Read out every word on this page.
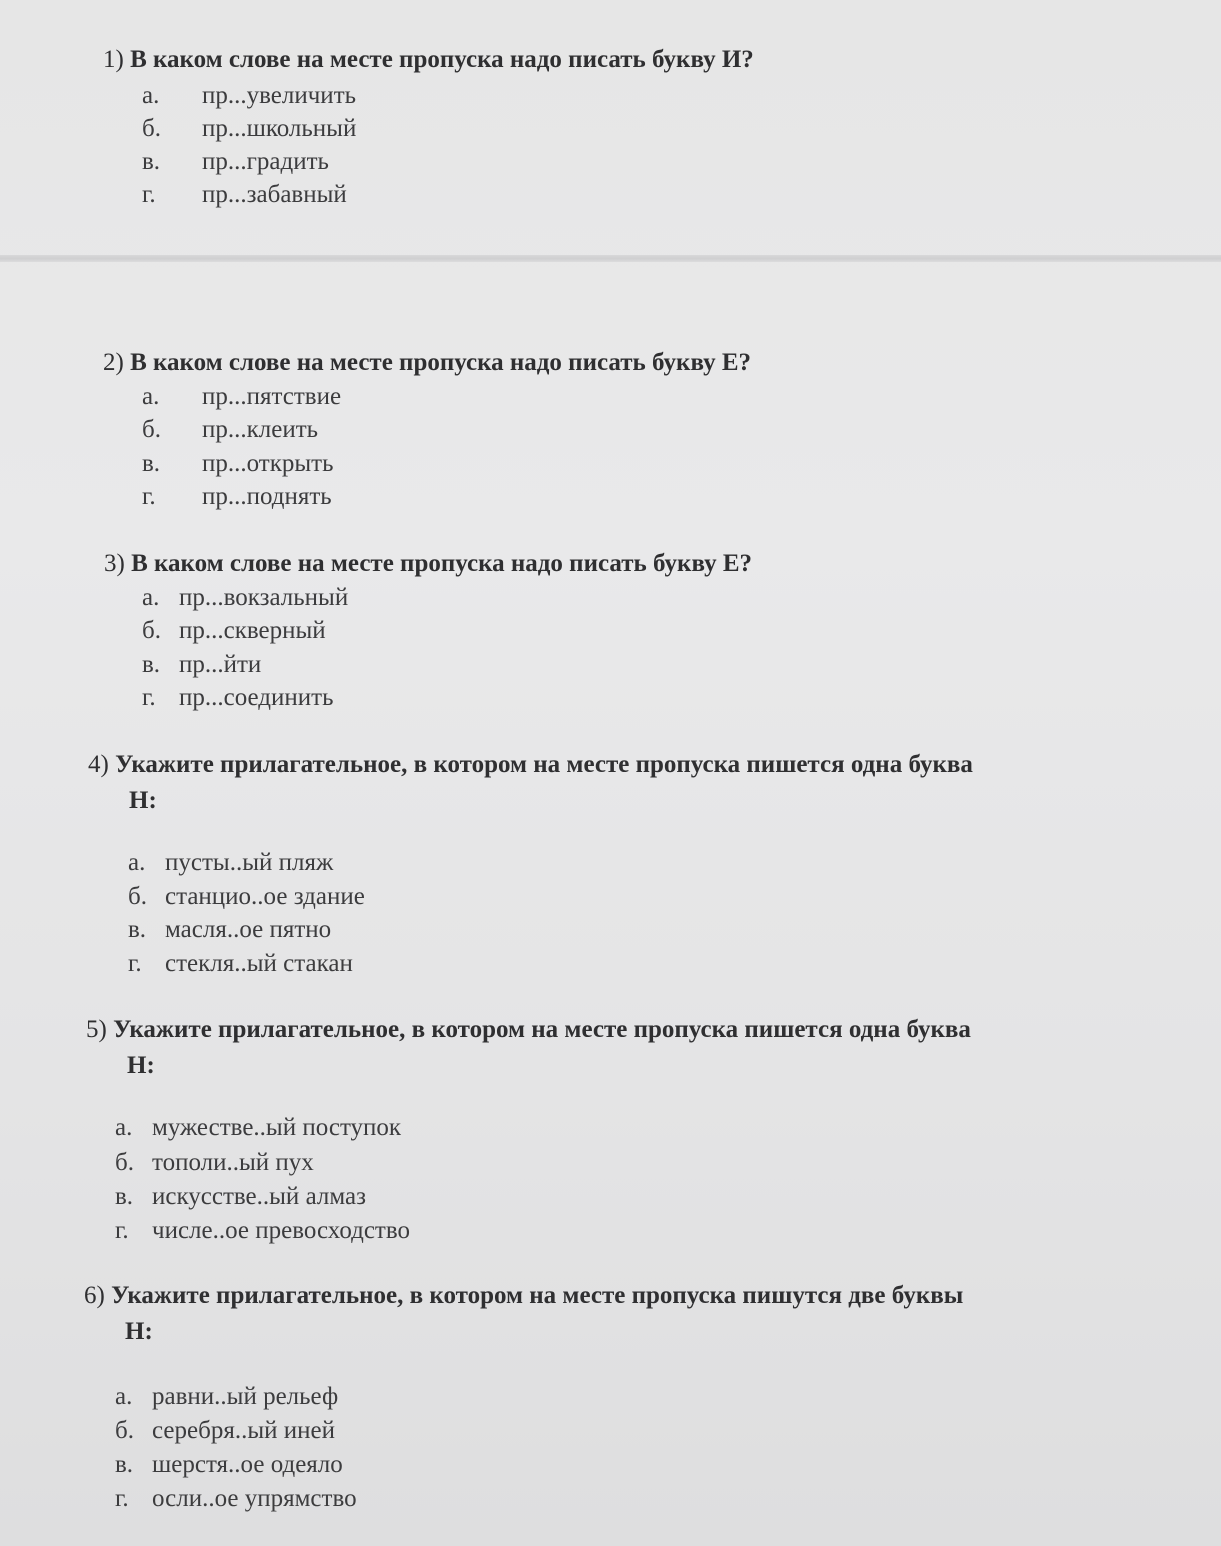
1) В каком слове на месте пропуска надо писать букву И?
а. пр...увеличить
б. пр...школьный
в. пр...градить
г. пр...забавный
2) В каком слове на месте пропуска надо писать букву Е?
а. пр...пятствие
б. пр...клеить
в. пр...открыть
г. пр...поднять
3) В каком слове на месте пропуска надо писать букву Е?
а. пр...вокзальный
б. пр...скверный
в. пр...йти
г. пр...соединить
4) Укажите прилагательное, в котором на месте пропуска пишется одна буква
Н:
а. пусты..ый пляж
б. станцио..ое здание
в. масля..ое пятно
г. стекля..ый стакан
5) Укажите прилагательное, в котором на месте пропуска пишется одна буква
Н:
а. мужестве..ый поступок
б. тополи..ый пух
в. искусстве..ый алмаз
г. числе..ое превосходство
6) Укажите прилагательное, в котором на месте пропуска пишутся две буквы
Н:
а. равни..ый рельеф
б. серебря..ый иней
в. шерстя..ое одеяло
г. осли..ое упрямство
